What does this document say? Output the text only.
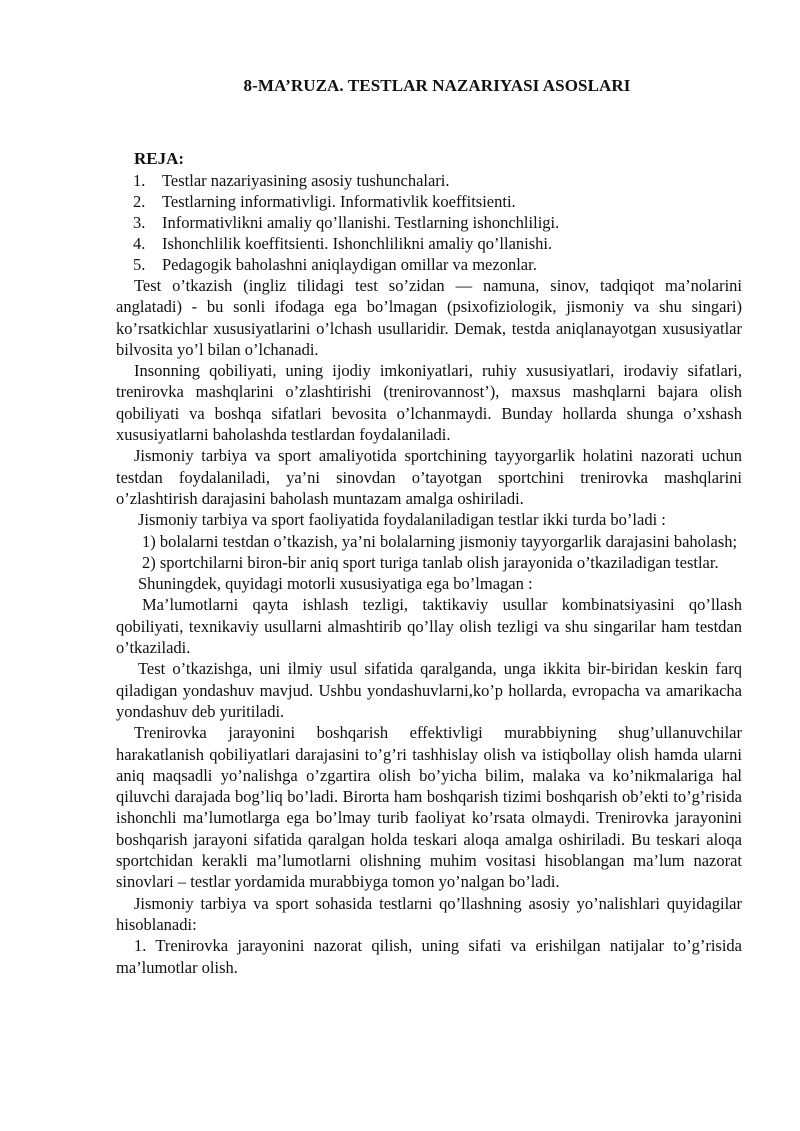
8-MA’RUZA. TESTLAR NAZARIYASI ASOSLARI
REJA:
1.	Testlar nazariyasining asosiy tushunchalari.
2.	Testlarning informativligi. Informativlik koeffitsienti.
3.	Informativlikni amaliy qo’llanishi. Testlarning ishonchliligi.
4.	Ishonchlilik koeffitsienti. Ishonchlilikni amaliy qo’llanishi.
5.	Pedagogik baholashni aniqlaydigan omillar va mezonlar.

Test o’tkazish (ingliz tilidagi test so’zidan — namuna, sinov, tadqiqot ma’nolarini anglatadi) - bu sonli ifodaga ega bo’lmagan (psixofiziologik, jismoniy va shu singari) ko’rsatkichlar xususiyatlarini o’lchash usullaridir. Demak, testda aniqlanayotgan xususiyatlar bilvosita yo’l bilan o’lchanadi.

Insonning qobiliyati, uning ijodiy imkoniyatlari, ruhiy xususiyatlari, irodaviy sifatlari, trenirovka mashqlarini o’zlashtirishi (trenirovannost’), maxsus mashqlarni bajara olish qobiliyati va boshqa sifatlari bevosita o’lchanmaydi. Bunday hollarda shunga o’xshash xususiyatlarni baholashda testlardan foydalaniladi.

Jismoniy tarbiya va sport amaliyotida sportchining tayyorgarlik holatini nazorati uchun testdan foydalaniladi, ya’ni sinovdan o’tayotgan sportchini trenirovka mashqlarini o’zlashtirish darajasini baholash muntazam amalga oshiriladi.

Jismoniy tarbiya va sport faoliyatida foydalaniladigan testlar ikki turda bo’ladi :

1) bolalarni testdan o’tkazish, ya’ni bolalarning jismoniy tayyorgarlik darajasini baholash;

2) sportchilarni biron-bir aniq sport turiga tanlab olish jarayonida o’tkaziladigan testlar.

Shuningdek, quyidagi motorli xususiyatiga ega bo’lmagan :

Ma’lumotlarni qayta ishlash tezligi, taktikaviy usullar kombinatsiyasini qo’llash qobiliyati, texnikaviy usullarni almashtirib qo’llay olish tezligi va shu singarilar ham testdan o’tkaziladi.

Test o’tkazishga, uni ilmiy usul sifatida qaralganda, unga ikkita bir-biridan keskin farq qiladigan yondashuv mavjud. Ushbu yondashuvlarni,ko’p hollarda, evropacha va amarikacha yondashuv deb yuritiladi.

Trenirovka jarayonini boshqarish effektivligi murabbiyning shug’ullanuvchilar harakatlanish qobiliyatlari darajasini to’g’ri tashhislay olish va istiqbollay olish hamda ularni aniq maqsadli yo’nalishga o’zgartira olish bo’yicha bilim, malaka va ko’nikmalariga hal qiluvchi darajada bog’liq bo’ladi. Birorta ham boshqarish tizimi boshqarish ob’ekti to’g’risida ishonchli ma’lumotlarga ega bo’lmay turib faoliyat ko’rsata olmaydi. Trenirovka jarayonini boshqarish jarayoni sifatida qaralgan holda teskari aloqa amalga oshiriladi. Bu teskari aloqa sportchidan kerakli ma’lumotlarni olishning muhim vositasi hisoblangan ma’lum nazorat sinovlari – testlar yordamida murabbiyga tomon yo’nalgan bo’ladi.

Jismoniy tarbiya va sport sohasida testlarni qo’llashning asosiy yo’nalishlari quyidagilar hisoblanadi:

1. Trenirovka jarayonini nazorat qilish, uning sifati va erishilgan natijalar to’g’risida ma’lumotlar olish.
